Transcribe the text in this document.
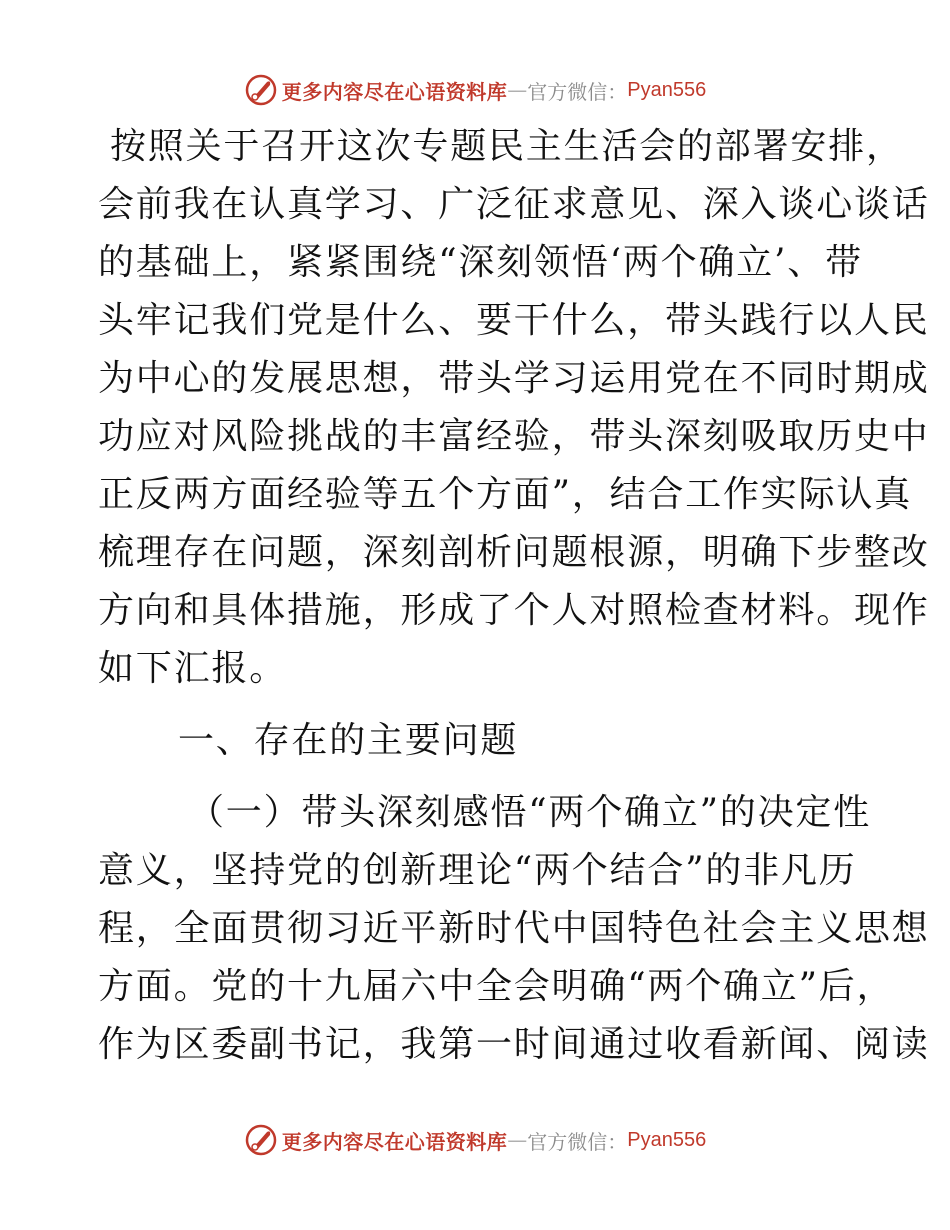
更多内容尽在心语资料库 — 官方微信： Pyan556

按照关于召开这次专题民主生活会的部署安排，

会前我在认真学习、广泛征求意见、深入谈心谈话

的基础上，紧紧围绕“深刻领悟‘两个确立’、带

头牢记我们党是什么、要干什么，带头践行以人民

为中心的发展思想，带头学习运用党在不同时期成

功应对风险挑战的丰富经验，带头深刻吸取历史中

正反两方面经验等五个方面”，结合工作实际认真

梳理存在问题，深刻剖析问题根源，明确下步整改

方向和具体措施，形成了个人对照检查材料。现作

如下汇报。

一、存在的主要问题

（一）带头深刻感悟“两个确立”的决定性

意义，坚持党的创新理论“两个结合”的非凡历

程，全面贯彻习近平新时代中国特色社会主义思想

方面。党的十九届六中全会明确“两个确立”后，

作为区委副书记，我第一时间通过收看新闻、阅读

更多内容尽在心语资料库 — 官方微信： Pyan556
